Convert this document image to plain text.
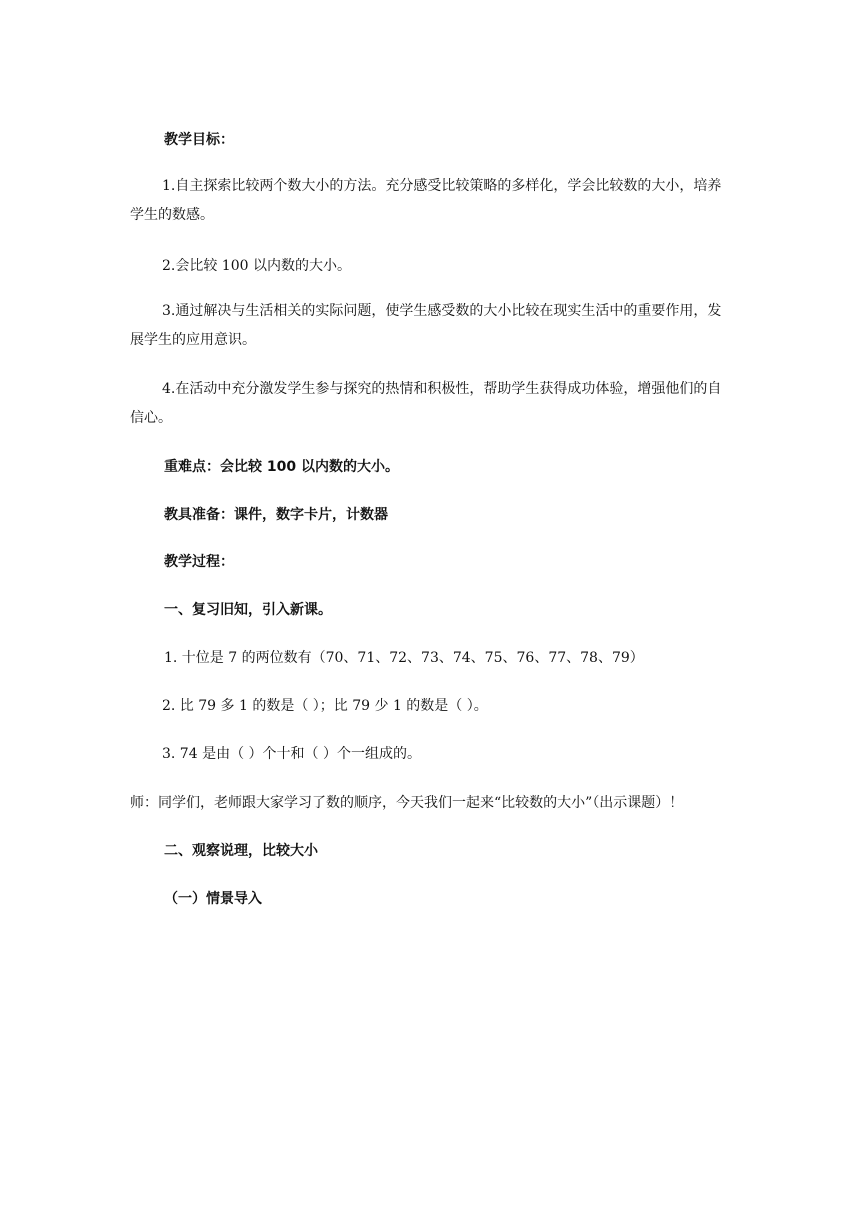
教学目标：
1.自主探索比较两个数大小的方法。充分感受比较策略的多样化，学会比较数的大小，培养学生的数感。
2.会比较 100 以内数的大小。
3.通过解决与生活相关的实际问题，使学生感受数的大小比较在现实生活中的重要作用，发展学生的应用意识。
4.在活动中充分激发学生参与探究的热情和积极性，帮助学生获得成功体验，增强他们的自信心。
重难点：会比较 100 以内数的大小。
教具准备：课件，数字卡片，计数器
教学过程：
一、复习旧知，引入新课。
1. 十位是 7 的两位数有（70、71、72、73、74、75、76、77、78、79）
2. 比 79 多 1 的数是（ ）；比 79 少 1 的数是（ ）。
3. 74 是由（ ）个十和（ ）个一组成的。
师：同学们，老师跟大家学习了数的顺序，今天我们一起来“比较数的大小”（出示课题）！
二、观察说理，比较大小
（一）情景导入
